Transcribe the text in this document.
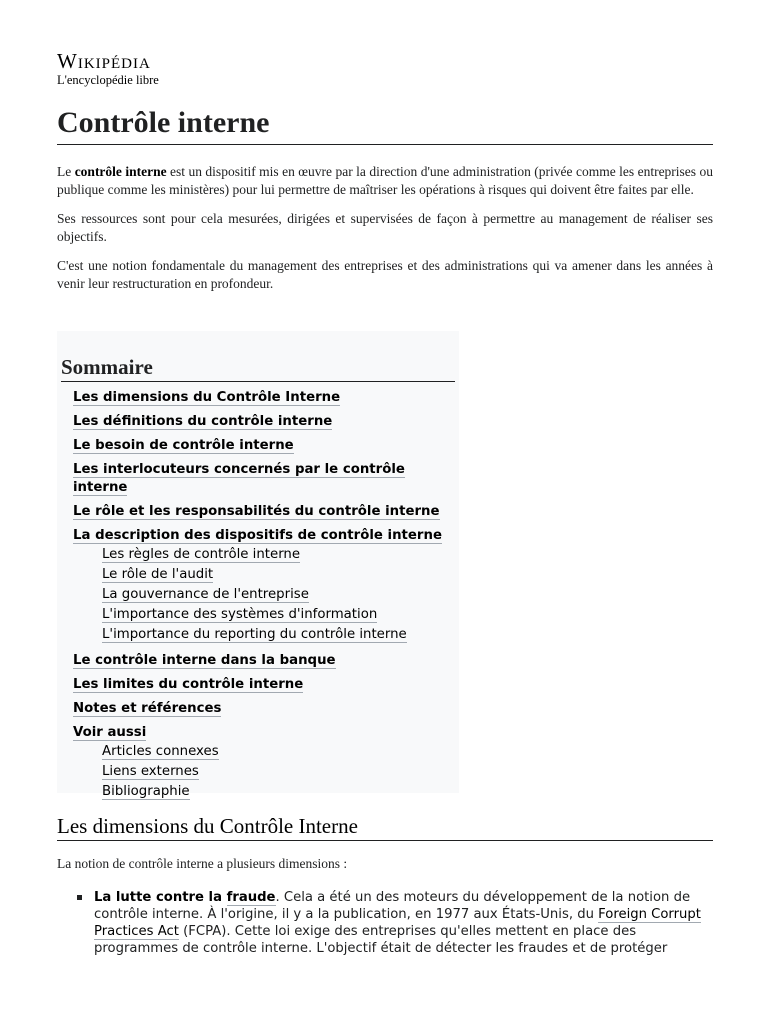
Wikipédia
L'encyclopédie libre
Contrôle interne

Le contrôle interne est un dispositif mis en œuvre par la direction d'une administration (privée comme les entreprises ou publique comme les ministères) pour lui permettre de maîtriser les opérations à risques qui doivent être faites par elle.

Ses ressources sont pour cela mesurées, dirigées et supervisées de façon à permettre au management de réaliser ses objectifs.

C'est une notion fondamentale du management des entreprises et des administrations qui va amener dans les années à venir leur restructuration en profondeur.

Sommaire
Les dimensions du Contrôle Interne
Les définitions du contrôle interne
Le besoin de contrôle interne
Les interlocuteurs concernés par le contrôle interne
Le rôle et les responsabilités du contrôle interne
La description des dispositifs de contrôle interne
Les règles de contrôle interne
Le rôle de l'audit
La gouvernance de l'entreprise
L'importance des systèmes d'information
L'importance du reporting du contrôle interne
Le contrôle interne dans la banque
Les limites du contrôle interne
Notes et références
Voir aussi
Articles connexes
Liens externes
Bibliographie
Les dimensions du Contrôle Interne

La notion de contrôle interne a plusieurs dimensions :

La lutte contre la fraude. Cela a été un des moteurs du développement de la notion de contrôle interne. À l'origine, il y a la publication, en 1977 aux États-Unis, du Foreign Corrupt Practices Act (FCPA). Cette loi exige des entreprises qu'elles mettent en place des programmes de contrôle interne. L'objectif était de détecter les fraudes et de protéger
